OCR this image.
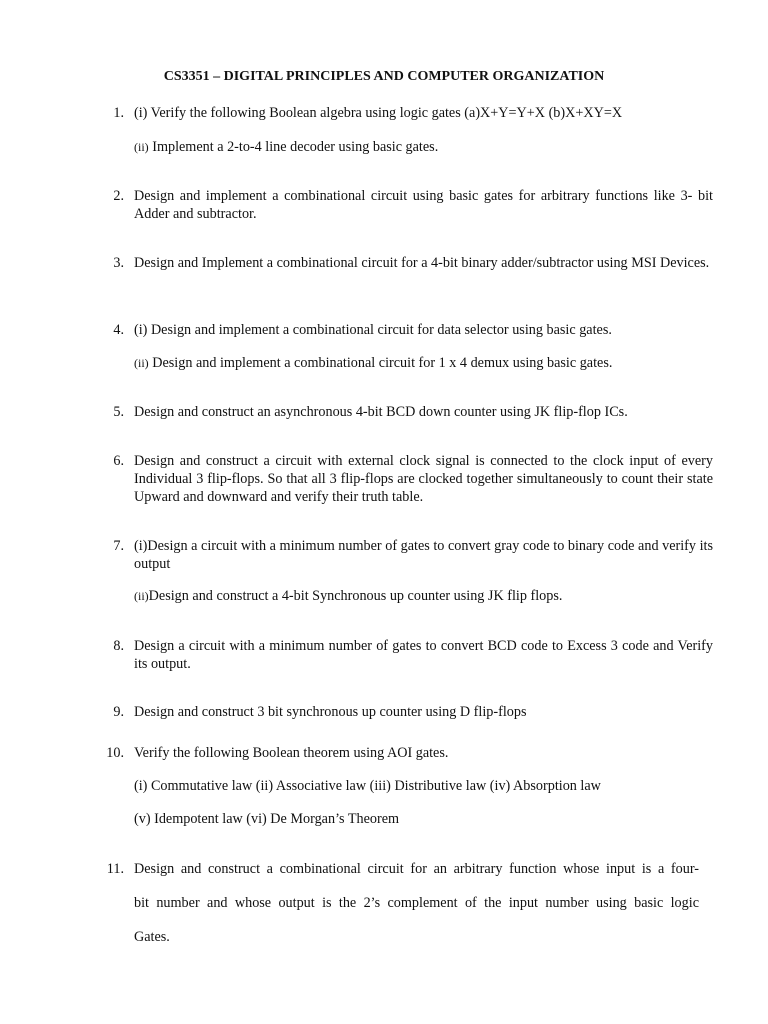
CS3351 – DIGITAL PRINCIPLES AND COMPUTER ORGANIZATION
1. (i) Verify the following Boolean algebra using logic gates (a)X+Y=Y+X (b)X+XY=X
(ii) Implement a 2-to-4 line decoder using basic gates.
2. Design and implement a combinational circuit using basic gates for arbitrary functions like 3- bit Adder and subtractor.
3. Design and Implement a combinational circuit for a 4-bit binary adder/subtractor using MSI Devices.
4. (i) Design and implement a combinational circuit for data selector using basic gates.
(ii) Design and implement a combinational circuit for 1 x 4 demux using basic gates.
5. Design and construct an asynchronous 4-bit BCD down counter using JK flip-flop ICs.
6. Design and construct a circuit with external clock signal is connected to the clock input of every Individual 3 flip-flops. So that all 3 flip-flops are clocked together simultaneously to count their state Upward and downward and verify their truth table.
7. (i)Design a circuit with a minimum number of gates to convert gray code to binary code and verify its output
(ii)Design and construct a 4-bit Synchronous up counter using JK flip flops.
8. Design a circuit with a minimum number of gates to convert BCD code to Excess 3 code and Verify its output.
9. Design and construct 3 bit synchronous up counter using D flip-flops
10. Verify the following Boolean theorem using AOI gates.
(i) Commutative law (ii) Associative law (iii) Distributive law (iv) Absorption law
(v) Idempotent law (vi) De Morgan’s Theorem
11. Design and construct a combinational circuit for an arbitrary function whose input is a four-
bit number and whose output is the 2’s complement of the input number using basic logic
Gates.
